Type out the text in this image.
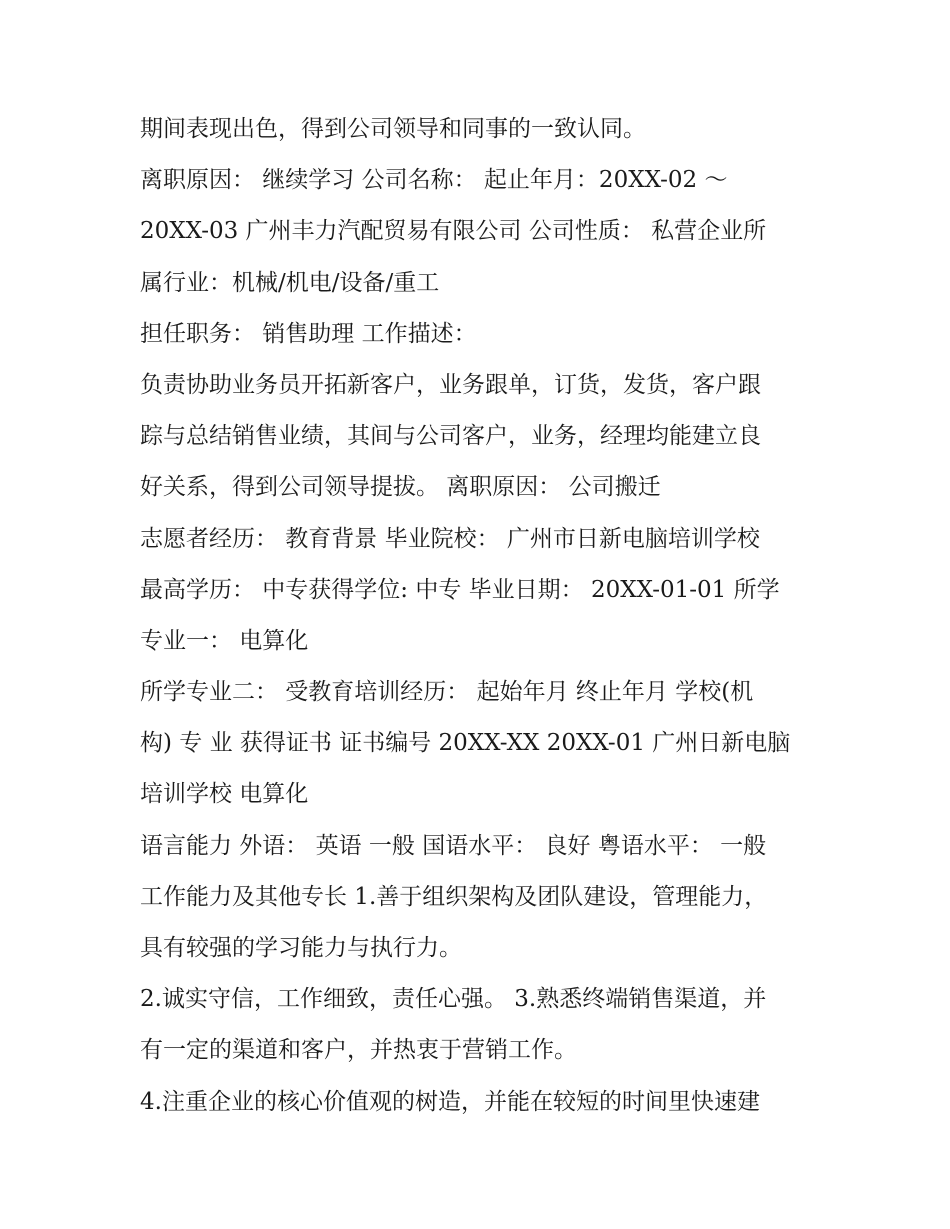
期间表现出色，得到公司领导和同事的一致认同。
离职原因： 继续学习 公司名称： 起止年月：20XX-02 ～
20XX-03 广州丰力汽配贸易有限公司 公司性质： 私营企业所
属行业：机械/机电/设备/重工
担任职务： 销售助理 工作描述：
负责协助业务员开拓新客户，业务跟单，订货，发货，客户跟
踪与总结销售业绩，其间与公司客户，业务，经理均能建立良
好关系，得到公司领导提拔。 离职原因： 公司搬迁
志愿者经历： 教育背景 毕业院校： 广州市日新电脑培训学校
最高学历： 中专获得学位: 中专 毕业日期： 20XX-01-01 所学
专业一： 电算化
所学专业二： 受教育培训经历： 起始年月 终止年月 学校(机
构) 专 业 获得证书 证书编号 20XX-XX 20XX-01 广州日新电脑
培训学校 电算化
语言能力 外语： 英语 一般 国语水平： 良好 粤语水平： 一般
工作能力及其他专长 1.善于组织架构及团队建设，管理能力，
具有较强的学习能力与执行力。
2.诚实守信，工作细致，责任心强。 3.熟悉终端销售渠道，并
有一定的渠道和客户，并热衷于营销工作。
4.注重企业的核心价值观的树造，并能在较短的时间里快速建
